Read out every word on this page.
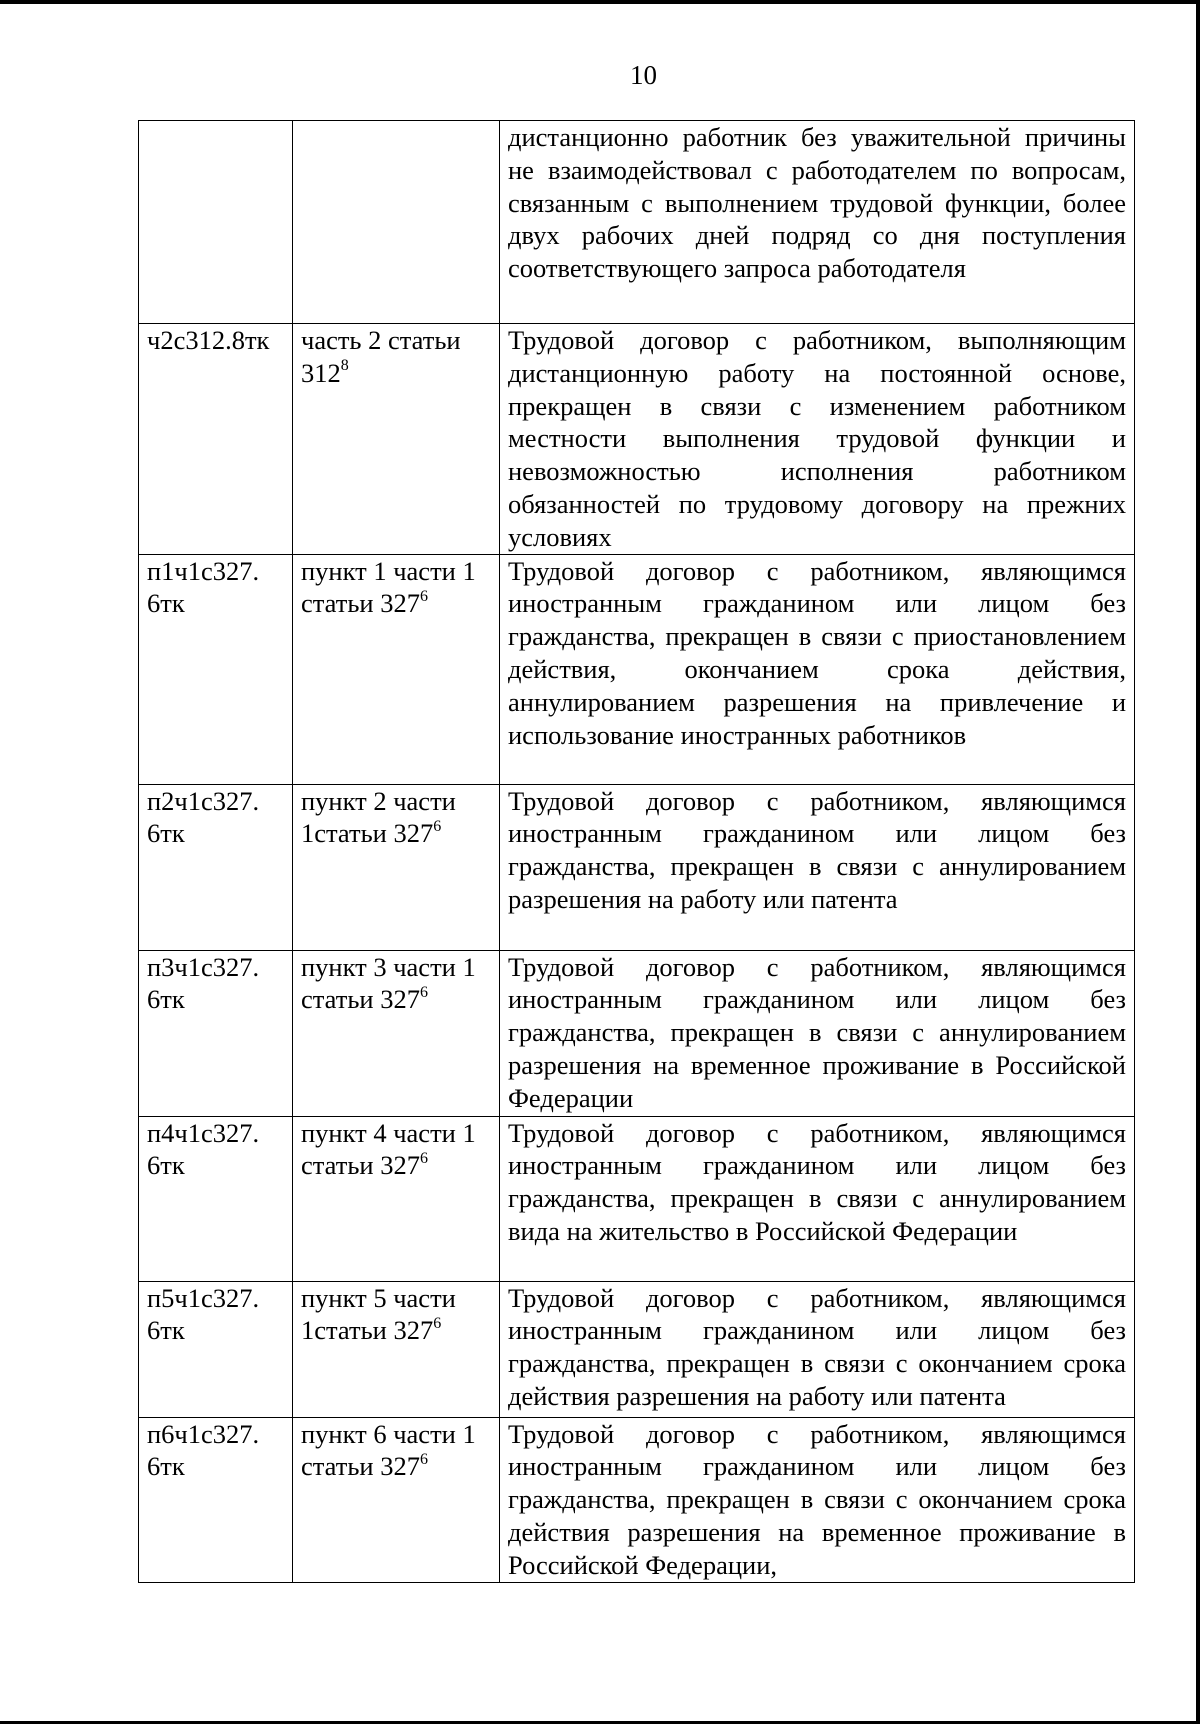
10
		дистанционно работник без уважительной причины не взаимодействовал с работодателем по вопросам, связанным с выполнением трудовой функции, более двух рабочих дней подряд со дня поступления соответствующего запроса работодателя
ч2с312.8тк	часть 2 статьи $312^8$	Трудовой договор с работником, выполняющим дистанционную работу на постоянной основе, прекращен в связи с изменением работником местности выполнения трудовой функции и невозможностью исполнения работником обязанностей по трудовому договору на прежних условиях
п1ч1с327. 6тк	пункт 1 части 1 статьи $327^6$	Трудовой договор с работником, являющимся иностранным гражданином или лицом без гражданства, прекращен в связи с приостановлением действия, окончанием срока действия, аннулированием разрешения на привлечение и использование иностранных работников
п2ч1с327. 6тк	пункт 2 части 1статьи $327^6$	Трудовой договор с работником, являющимся иностранным гражданином или лицом без гражданства, прекращен в связи с аннулированием разрешения на работу или патента
п3ч1с327. 6тк	пункт 3 части 1 статьи $327^6$	Трудовой договор с работником, являющимся иностранным гражданином или лицом без гражданства, прекращен в связи с аннулированием разрешения на временное проживание в Российской Федерации
п4ч1с327. 6тк	пункт 4 части 1 статьи $327^6$	Трудовой договор с работником, являющимся иностранным гражданином или лицом без гражданства, прекращен в связи с аннулированием вида на жительство в Российской Федерации
п5ч1с327. 6тк	пункт 5 части 1статьи $327^6$	Трудовой договор с работником, являющимся иностранным гражданином или лицом без гражданства, прекращен в связи с окончанием срока действия разрешения на работу или патента
п6ч1с327. 6тк	пункт 6 части 1 статьи $327^6$	Трудовой договор с работником, являющимся иностранным гражданином или лицом без гражданства, прекращен в связи с окончанием срока действия разрешения на временное проживание в Российской Федерации,
